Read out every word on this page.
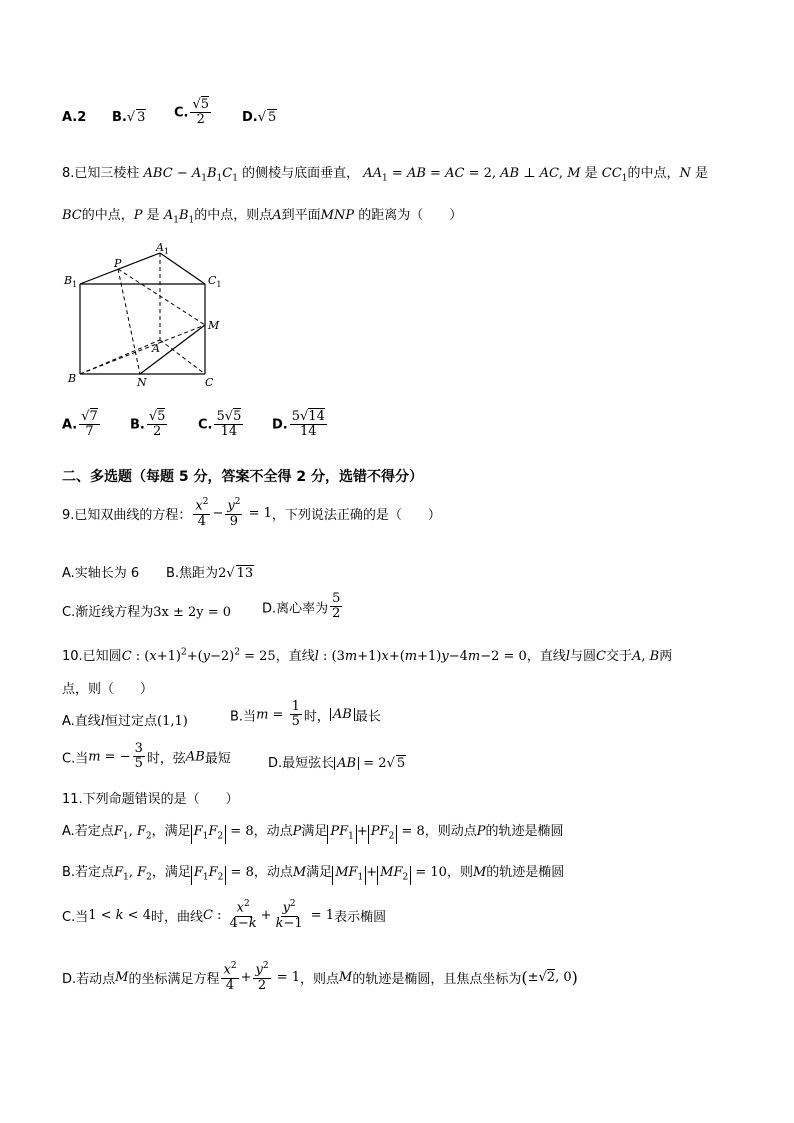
A.2 B.√ 3 C. $\frac{√5}{2} D.√$ 5
8.已知三棱柱 ABC − $A_1B_1C_1$ 的侧棱与底面垂直， $AA_1$ = AB = AC = 2, AB ⊥ AC, M 是 $CC_1$的中点，N 是
BC的中点，P 是 $A_1B_1$的中点，则点A到平面MNP 的距离为（　　）
$A_1$
$B_1$	$C_1$
P
M
A
B	N	C
A. $\frac{√7}{7} B$. $\frac{√5}{2} C$. $\frac{5√5}{14} D$. $\frac{5√14}{14}$
二、多选题（每题 5 分，答案不全得 2 分，选错不得分）
9.已知双曲线的方程： $\frac{x^2}{4} - \frac{y^2}{9} = 1$，下列说法正确的是（　　）
A.实轴长为 6 B.焦距为2√ 13
C.渐近线方程为3x ± 2y = 0 D.离心率为 $\frac{5}{2}$
10.已知圆C : $(x+1)^2+(y-2)^2 = 25$，直线l : (3m+1)x+(m+1)y−4m−2 = 0，直线l与圆C交于A, B两
点，则（　　）
A.直线l恒过定点(1,1)	B.当$m = \frac{1}{5}$ 时， AB 最长
C.当m = − $\frac{3}{5}$ 时，弦AB最短	D.最短弦长 AB = 2√ 5
11.下列命题错误的是（　　）
A.若定点$F_1$, $F_2$，满足 $F_1F_2 = 8$，动点P满足 $PF_1 + PF_2 = 8$，则动点P的轨迹是椭圆
B.若定点$F_1$, $F_2$，满足 $F_1F_2 = 8$，动点M满足 $MF_1 + MF_2 = 10$，则M的轨迹是椭圆
C.当1 < k < 4时，曲线C : $\frac{x^2}{4-k} + \frac{y^2}{k-1} = 1$表示椭圆
D.若动点M的坐标满足方程 $\frac{x^2}{4} + \frac{y^2}{2} = 1$，则点M的轨迹是椭圆，且焦点坐标为(±√2, 0)
